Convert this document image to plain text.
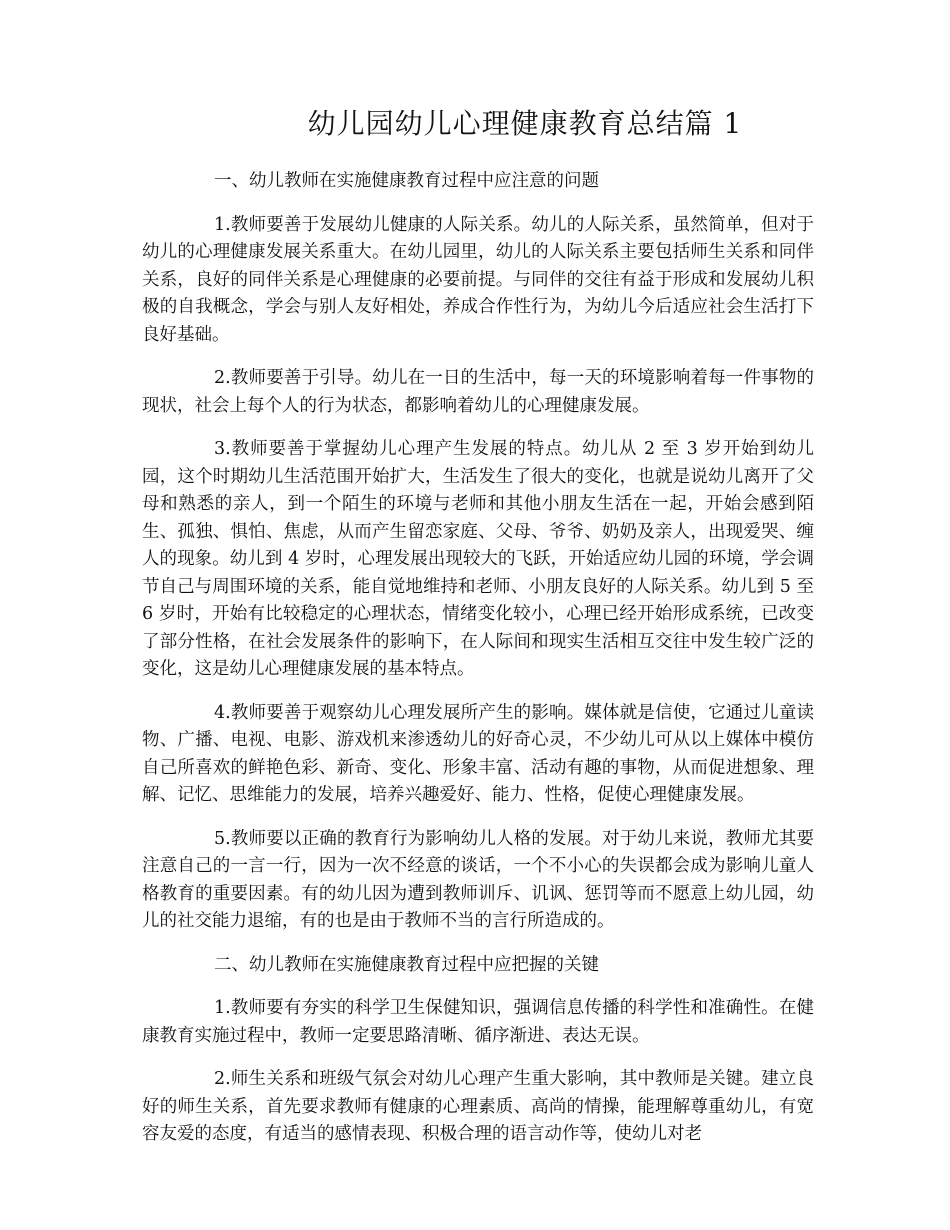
幼儿园幼儿心理健康教育总结篇 1

一、幼儿教师在实施健康教育过程中应注意的问题

1.教师要善于发展幼儿健康的人际关系。幼儿的人际关系，虽然简单，但对于幼儿的心理健康发展关系重大。在幼儿园里，幼儿的人际关系主要包括师生关系和同伴关系，良好的同伴关系是心理健康的必要前提。与同伴的交往有益于形成和发展幼儿积极的自我概念，学会与别人友好相处，养成合作性行为，为幼儿今后适应社会生活打下良好基础。

2.教师要善于引导。幼儿在一日的生活中，每一天的环境影响着每一件事物的现状，社会上每个人的行为状态，都影响着幼儿的心理健康发展。

3.教师要善于掌握幼儿心理产生发展的特点。幼儿从 2 至 3 岁开始到幼儿园，这个时期幼儿生活范围开始扩大，生活发生了很大的变化，也就是说幼儿离开了父母和熟悉的亲人，到一个陌生的环境与老师和其他小朋友生活在一起，开始会感到陌生、孤独、惧怕、焦虑，从而产生留恋家庭、父母、爷爷、奶奶及亲人，出现爱哭、缠人的现象。幼儿到 4 岁时，心理发展出现较大的飞跃，开始适应幼儿园的环境，学会调节自己与周围环境的关系，能自觉地维持和老师、小朋友良好的人际关系。幼儿到 5 至 6 岁时，开始有比较稳定的心理状态，情绪变化较小，心理已经开始形成系统，已改变了部分性格，在社会发展条件的影响下，在人际间和现实生活相互交往中发生较广泛的变化，这是幼儿心理健康发展的基本特点。

4.教师要善于观察幼儿心理发展所产生的影响。媒体就是信使，它通过儿童读物、广播、电视、电影、游戏机来渗透幼儿的好奇心灵，不少幼儿可从以上媒体中模仿自己所喜欢的鲜艳色彩、新奇、变化、形象丰富、活动有趣的事物，从而促进想象、理解、记忆、思维能力的发展，培养兴趣爱好、能力、性格，促使心理健康发展。

5.教师要以正确的教育行为影响幼儿人格的发展。对于幼儿来说，教师尤其要注意自己的一言一行，因为一次不经意的谈话，一个不小心的失误都会成为影响儿童人格教育的重要因素。有的幼儿因为遭到教师训斥、讥讽、惩罚等而不愿意上幼儿园，幼儿的社交能力退缩，有的也是由于教师不当的言行所造成的。

二、幼儿教师在实施健康教育过程中应把握的关键

1.教师要有夯实的科学卫生保健知识，强调信息传播的科学性和准确性。在健康教育实施过程中，教师一定要思路清晰、循序渐进、表达无误。

2.师生关系和班级气氛会对幼儿心理产生重大影响，其中教师是关键。建立良好的师生关系，首先要求教师有健康的心理素质、高尚的情操，能理解尊重幼儿，有宽容友爱的态度，有适当的感情表现、积极合理的语言动作等，使幼儿对老
